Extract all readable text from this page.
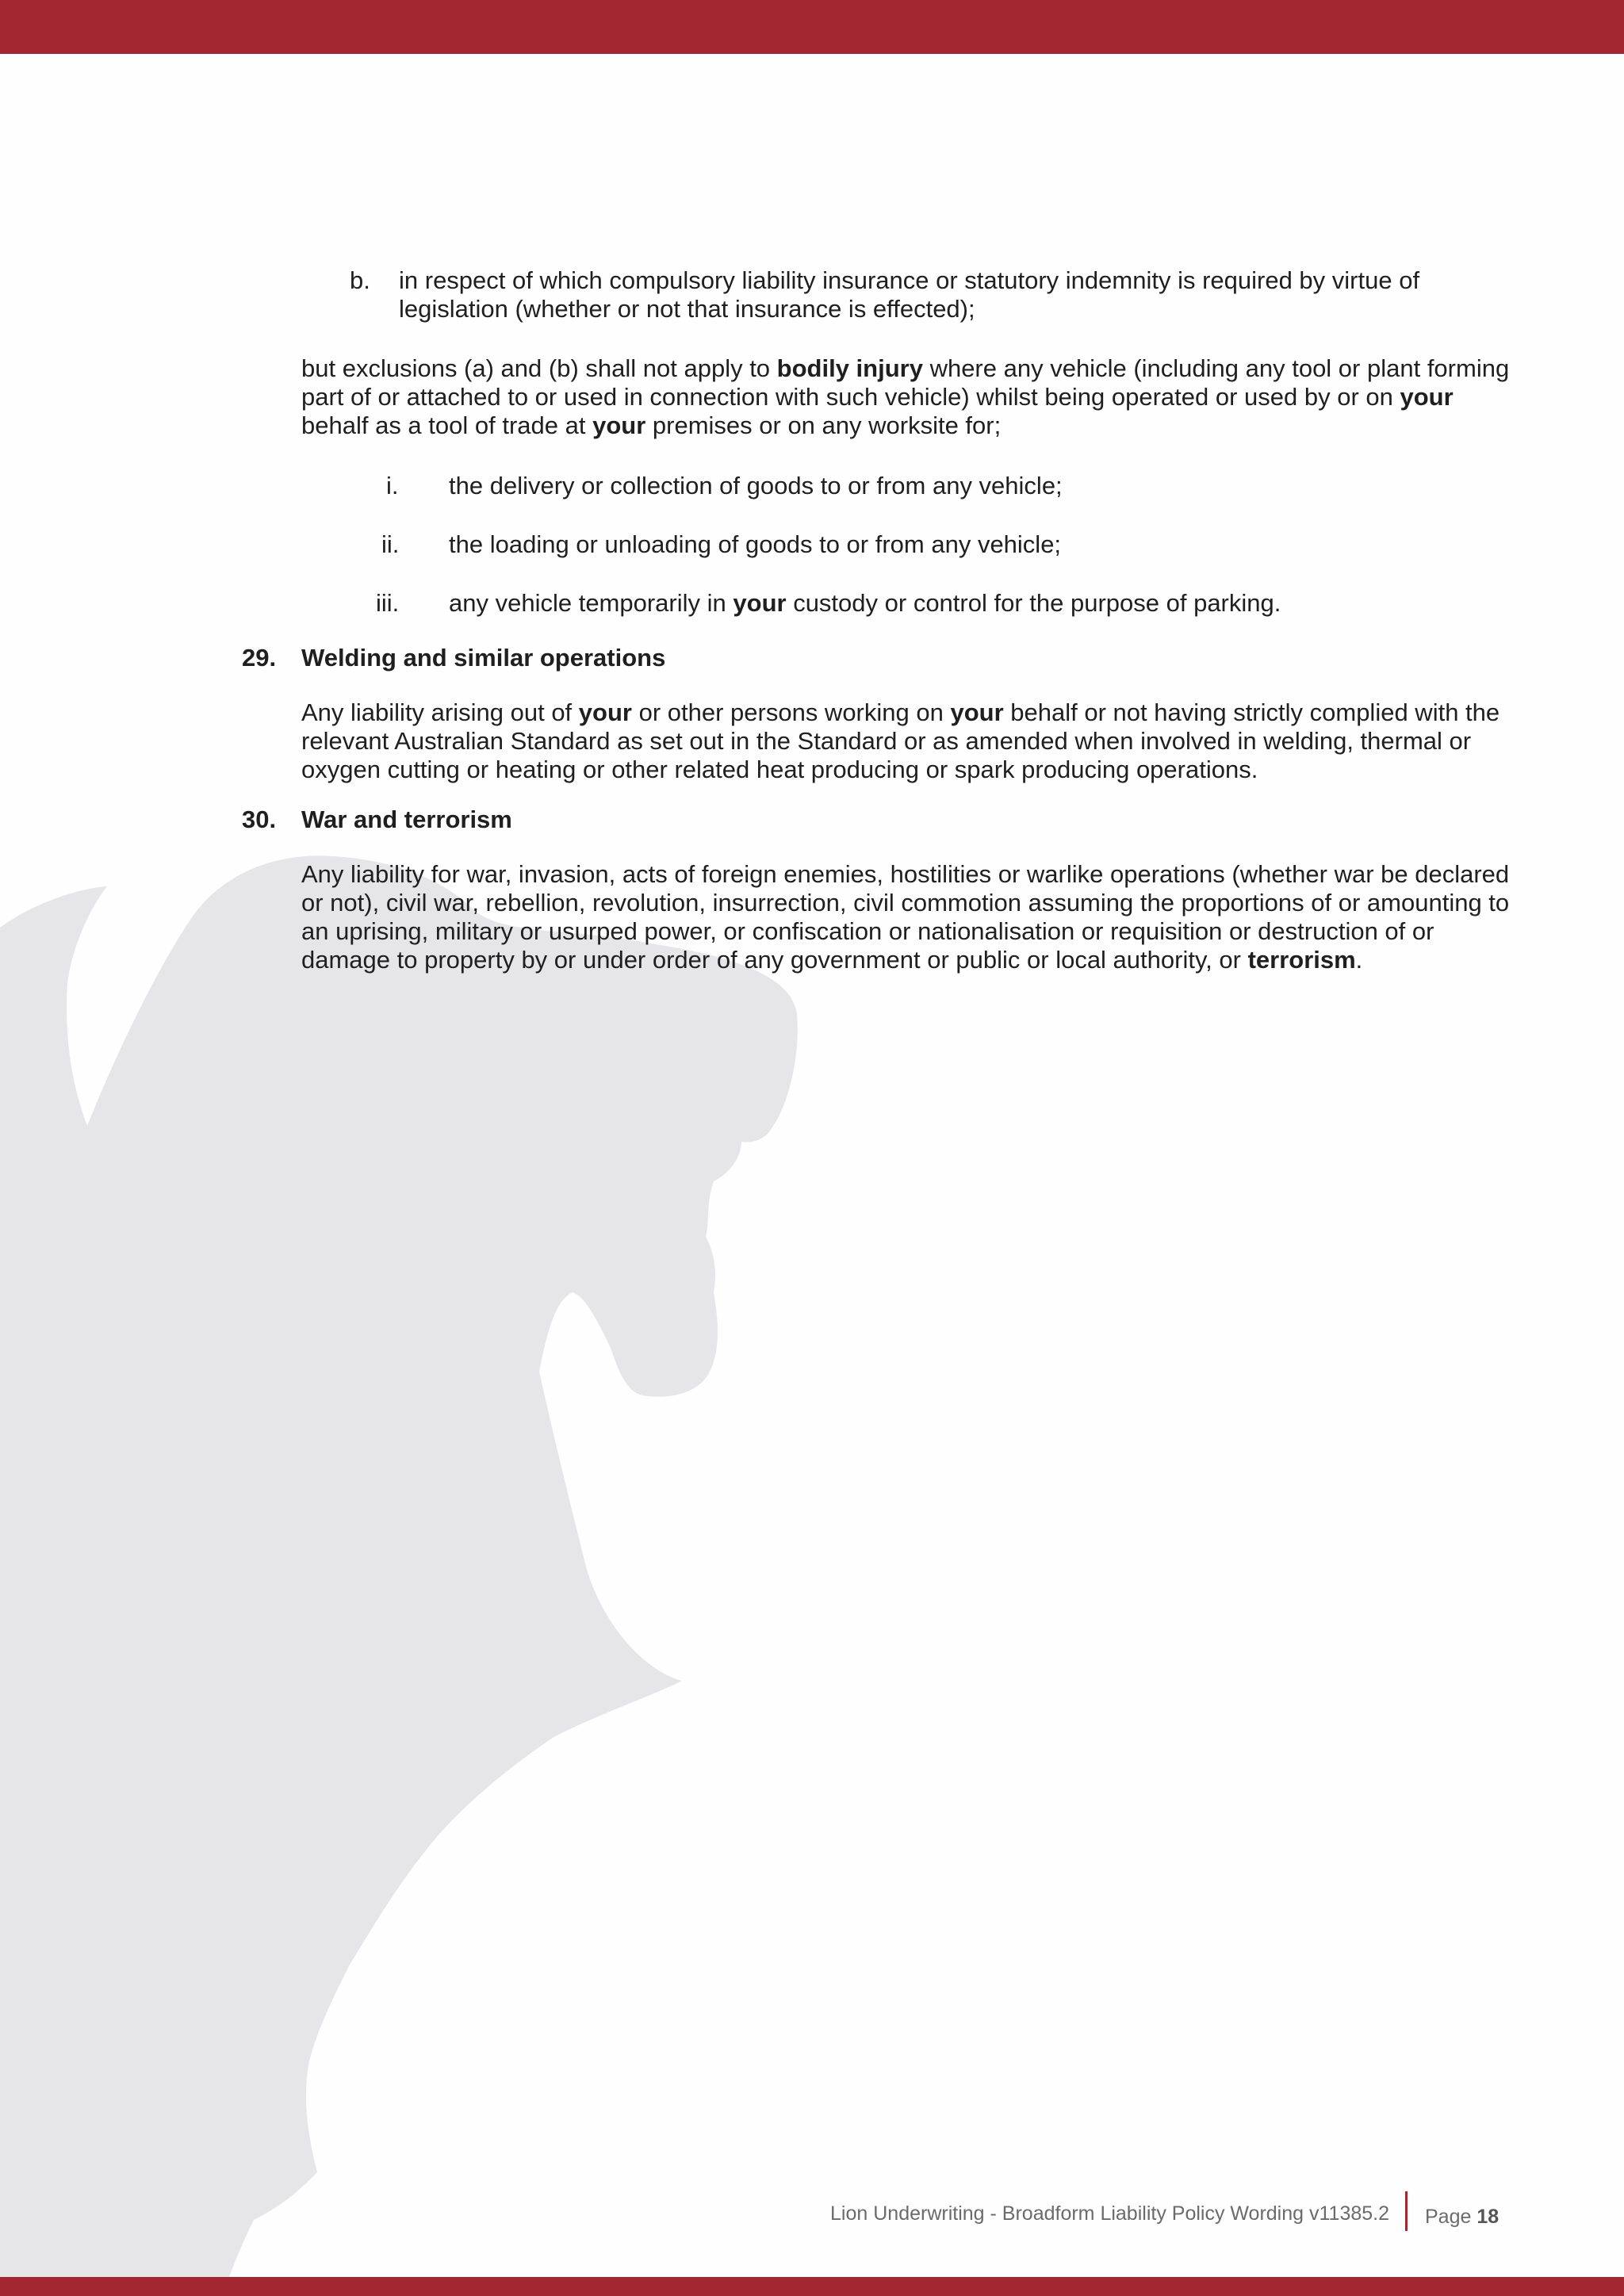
b. in respect of which compulsory liability insurance or statutory indemnity is required by virtue of legislation (whether or not that insurance is effected);
but exclusions (a) and (b) shall not apply to bodily injury where any vehicle (including any tool or plant forming part of or attached to or used in connection with such vehicle) whilst being operated or used by or on your behalf as a tool of trade at your premises or on any worksite for;
i. the delivery or collection of goods to or from any vehicle;
ii. the loading or unloading of goods to or from any vehicle;
iii. any vehicle temporarily in your custody or control for the purpose of parking.
29. Welding and similar operations
Any liability arising out of your or other persons working on your behalf or not having strictly complied with the relevant Australian Standard as set out in the Standard or as amended when involved in welding, thermal or oxygen cutting or heating or other related heat producing or spark producing operations.
30. War and terrorism
Any liability for war, invasion, acts of foreign enemies, hostilities or warlike operations (whether war be declared or not), civil war, rebellion, revolution, insurrection, civil commotion assuming the proportions of or amounting to an uprising, military or usurped power, or confiscation or nationalisation or requisition or destruction of or damage to property by or under order of any government or public or local authority, or terrorism.
Lion Underwriting - Broadform Liability Policy Wording v11385.2 Page 18
